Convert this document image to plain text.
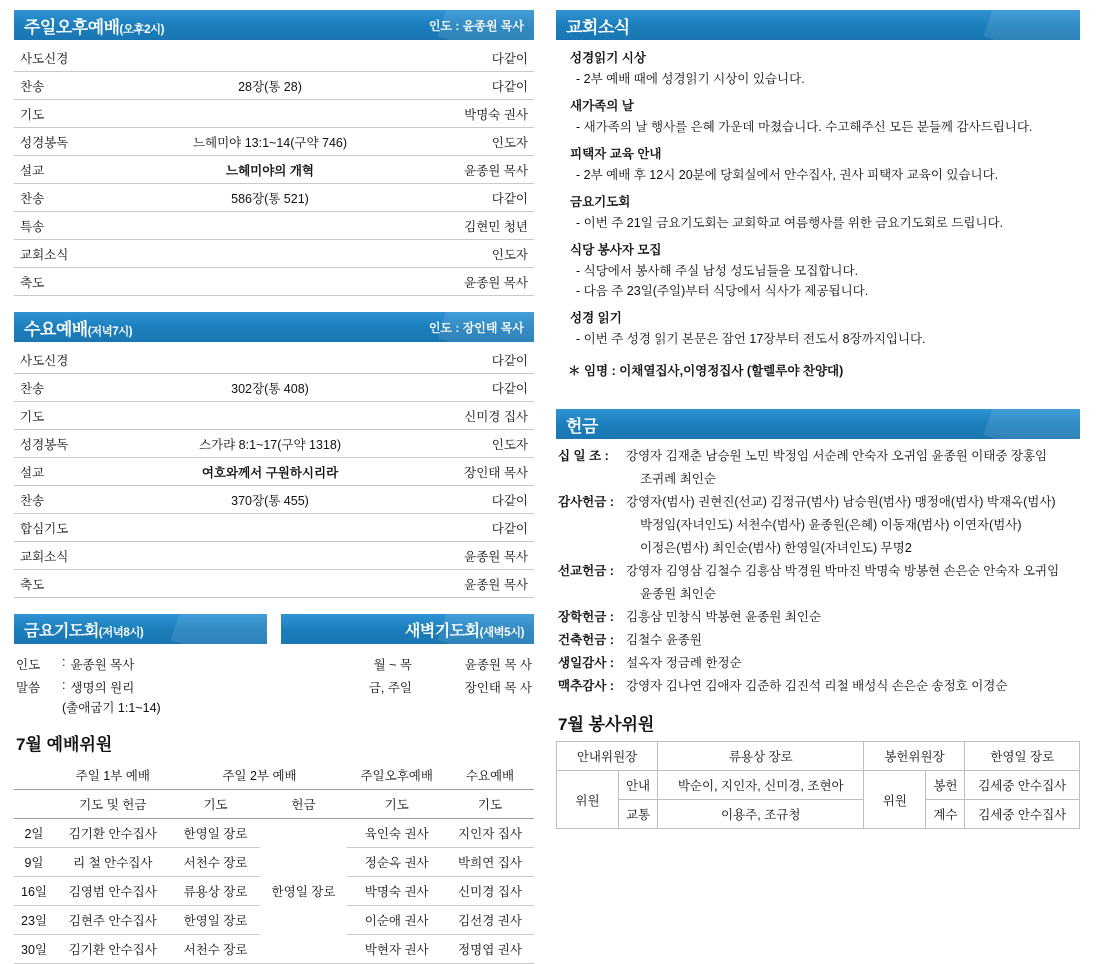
주일오후예배(오후2시)	인도 : 윤종원 목사
사도신경		다같이
찬송	28장(통 28)	다같이
기도		박명숙 권사
성경봉독	느헤미야 13:1~14(구약 746)	인도자
설교	느헤미야의 개혁	윤종원 목사
찬송	586장(통 521)	다같이
특송		김현민 청년
교회소식		인도자
축도		윤종원 목사
수요예배(저녁7시)	인도 : 장인태 목사
사도신경		다같이
찬송	302장(통 408)	다같이
기도		신미경 집사
성경봉독	스가랴 8:1~17(구약 1318)	인도자
설교	여호와께서 구원하시리라	장인태 목사
찬송	370장(통 455)	다같이
합심기도		다같이
교회소식		윤종원 목사
축도		윤종원 목사
금요기도회(저녁8시)
인도	: 윤종원 목사
말씀	: 생명의 원리
(출애굽기 1:1~14)
새벽기도회(새벽5시)
월 ~ 목	윤종원 목 사
금, 주일	장인태 목 사
7월 예배위원
	주일 1부 예배	주일 2부 예배		주일오후예배	수요예배
	기도 및 헌금	기도	헌금	기도	기도
2일	김기환 안수집사	한영일 장로	한영일 장로	육인숙 권사	지인자 집사
9일	리 철 안수집사	서천수 장로		정순옥 권사	박희연 집사
16일	김영범 안수집사	류용상 장로		박명숙 권사	신미경 집사
23일	김현주 안수집사	한영일 장로		이순애 권사	김선경 권사
30일	김기환 안수집사	서천수 장로		박현자 권사	정명엽 권사
교회소식
성경읽기 시상
- 2부 예배 때에 성경읽기 시상이 있습니다.
새가족의 날
- 새가족의 날 행사를 은혜 가운데 마쳤습니다. 수고해주신 모든 분들께 감사드립니다.
피택자 교육 안내
- 2부 예배 후 12시 20분에 당회실에서 안수집사, 권사 피택자 교육이 있습니다.
금요기도회
- 이번 주 21일 금요기도회는 교회학교 여름행사를 위한 금요기도회로 드립니다.
식당 봉사자 모집
- 식당에서 봉사해 주실 남성 성도님들을 모집합니다.
- 다음 주 23일(주일)부터 식당에서 식사가 제공됩니다.
성경 읽기
- 이번 주 성경 읽기 본문은 잠언 17장부터 전도서 8장까지입니다.
＊ 임명 : 이채열집사,이영정집사 (할렐루야 찬양대)
헌금
십 일 조 :	강영자 김재춘 남승원 노민 박정임 서순례 안숙자 오귀임 윤종원 이태중 장홍임
	조귀례 최인순
감사헌금 :	강영자(범사) 권현진(선교) 김정규(범사) 남승원(범사) 맹정애(범사) 박재옥(범사)
	박정임(자녀인도) 서천수(범사) 윤종원(은혜) 이동재(범사) 이연자(범사)
	이정은(범사) 최인순(범사) 한영일(자녀인도) 무명2
선교헌금 :	강영자 김영삼 김철수 김흥삼 박경원 박마진 박명숙 방봉현 손은순 안숙자 오귀임
	윤종원 최인순
장학헌금 :	김흥삼 민창식 박봉현 윤종원 최인순
건축헌금 :	김철수 윤종원
생일감사 :	설옥자 정금례 한정순
맥추감사 :	강영자 김나연 김애자 김준하 김진석 리철 배성식 손은순 송정호 이경순
7월 봉사위원
안내위원장		류용상 장로	봉헌위원장		한영일 장로
위원	안내	박순이, 지인자, 신미경, 조현아	위원	봉헌	김세중 안수집사
	교통	이용주, 조규청		계수	김세중 안수집사
